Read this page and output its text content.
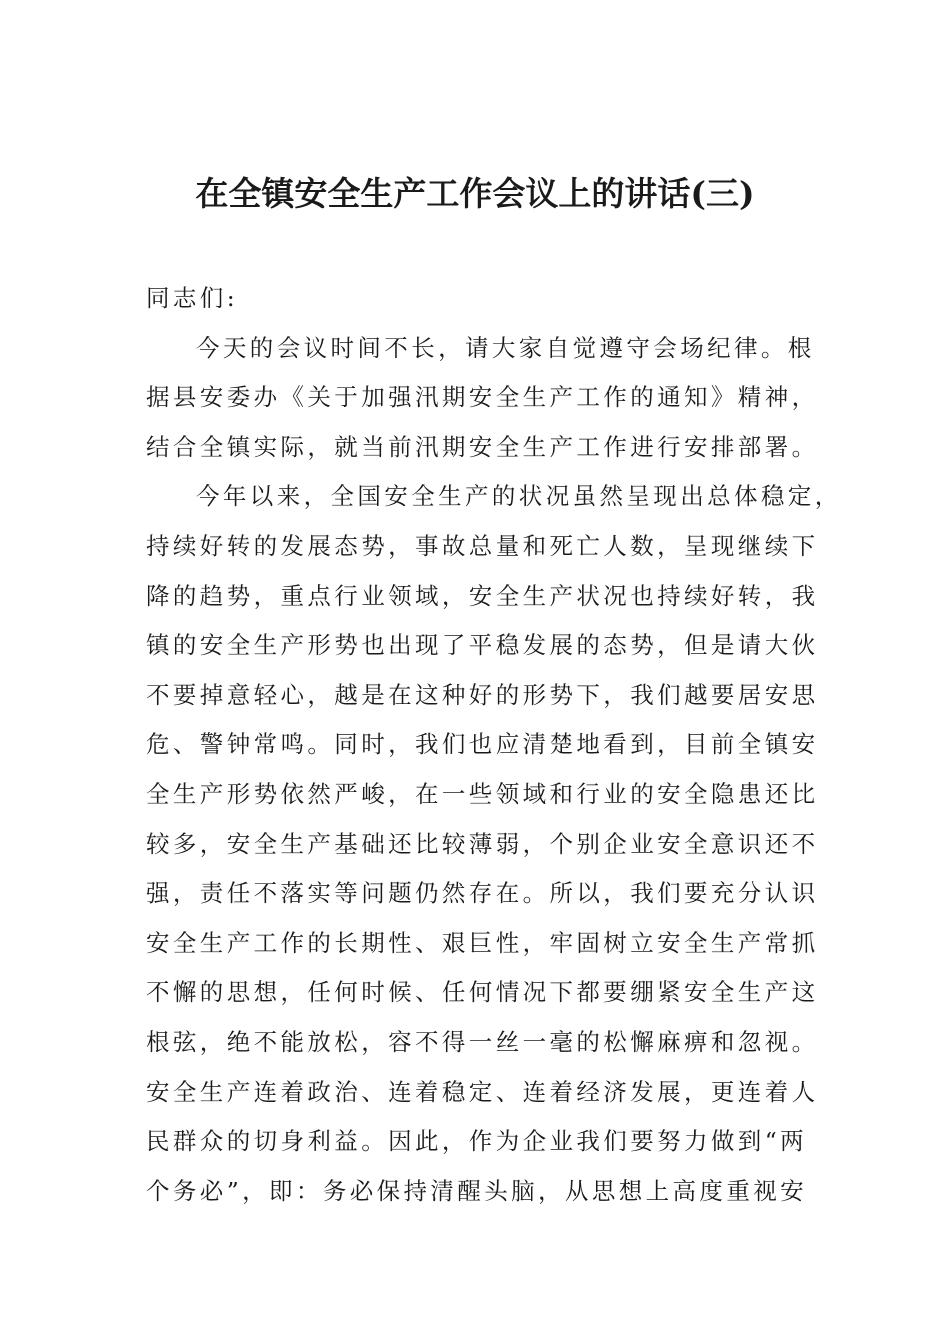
在全镇安全生产工作会议上的讲话(三)
同志们:
今天的会议时间不长，请大家自觉遵守会场纪律。根
据县安委办《关于加强汛期安全生产工作的通知》精神，
结合全镇实际，就当前汛期安全生产工作进行安排部署。
今年以来，全国安全生产的状况虽然呈现出总体稳定，
持续好转的发展态势，事故总量和死亡人数，呈现继续下
降的趋势，重点行业领域，安全生产状况也持续好转，我
镇的安全生产形势也出现了平稳发展的态势，但是请大伙
不要掉意轻心，越是在这种好的形势下，我们越要居安思
危、警钟常鸣。同时，我们也应清楚地看到，目前全镇安
全生产形势依然严峻，在一些领域和行业的安全隐患还比
较多，安全生产基础还比较薄弱，个别企业安全意识还不
强，责任不落实等问题仍然存在。所以，我们要充分认识
安全生产工作的长期性、艰巨性，牢固树立安全生产常抓
不懈的思想，任何时候、任何情况下都要绷紧安全生产这
根弦，绝不能放松，容不得一丝一毫的松懈麻痹和忽视。
安全生产连着政治、连着稳定、连着经济发展，更连着人
民群众的切身利益。因此，作为企业我们要努力做到“两
个务必”，即：务必保持清醒头脑，从思想上高度重视安
